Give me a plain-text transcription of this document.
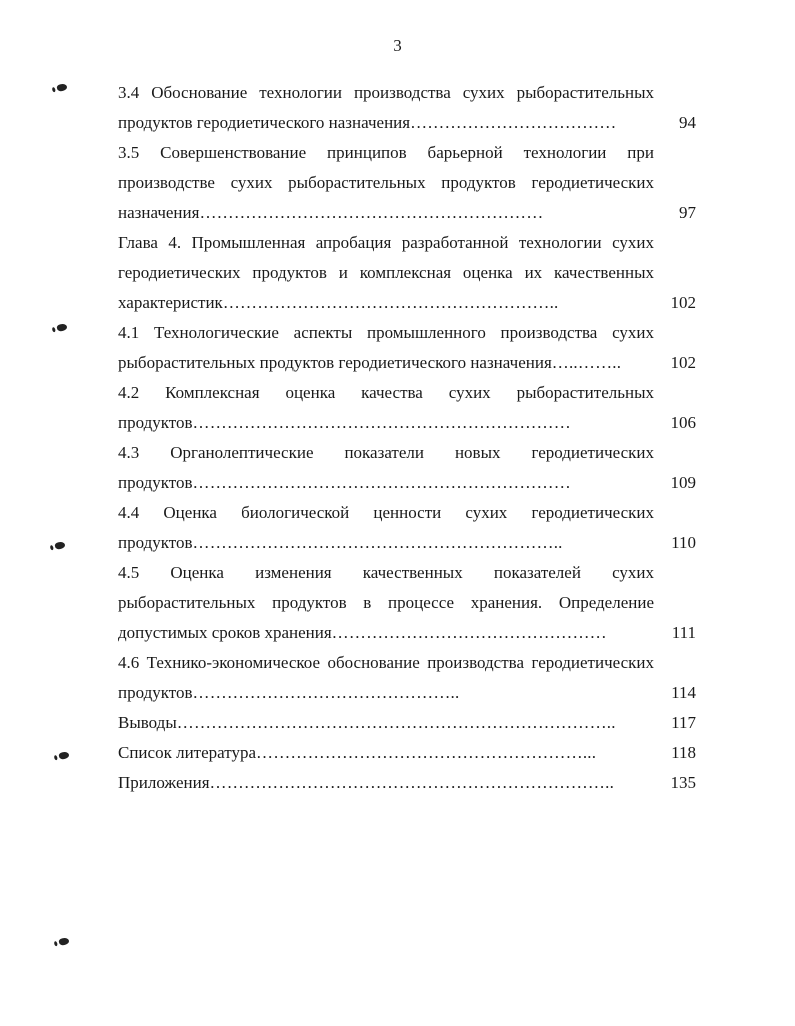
3
3.4 Обоснование технологии производства сухих рыборастительных продуктов геродиетического назначения………………………………	94
3.5 Совершенствование принципов барьерной технологии при производстве сухих рыборастительных продуктов геродиетических назначения……………………………………………………	97
Глава 4. Промышленная апробация разработанной технологии сухих геродиетических продуктов и комплексная оценка их качественных характеристик…………………………………………………..	102
4.1 Технологические аспекты промышленного производства сухих рыборастительных продуктов геродиетического назначения…..……..	102
4.2 Комплексная оценка качества сухих рыборастительных продуктов…………………………………………………………	106
4.3 Органолептические показатели новых геродиетических продуктов…………………………………………………………	109
4.4 Оценка биологической ценности сухих геродиетических продуктов………………………………………………………..	110
4.5 Оценка изменения качественных показателей сухих рыборастительных продуктов в процессе хранения. Определение допустимых сроков хранения…………………………………………	111
4.6 Технико-экономическое обоснование производства геродиетических продуктов………………………………………..	114
Выводы…………………………………………………………………..	117
Список литература…………………………………………………...	118
Приложения……………………………………………………………..	135
